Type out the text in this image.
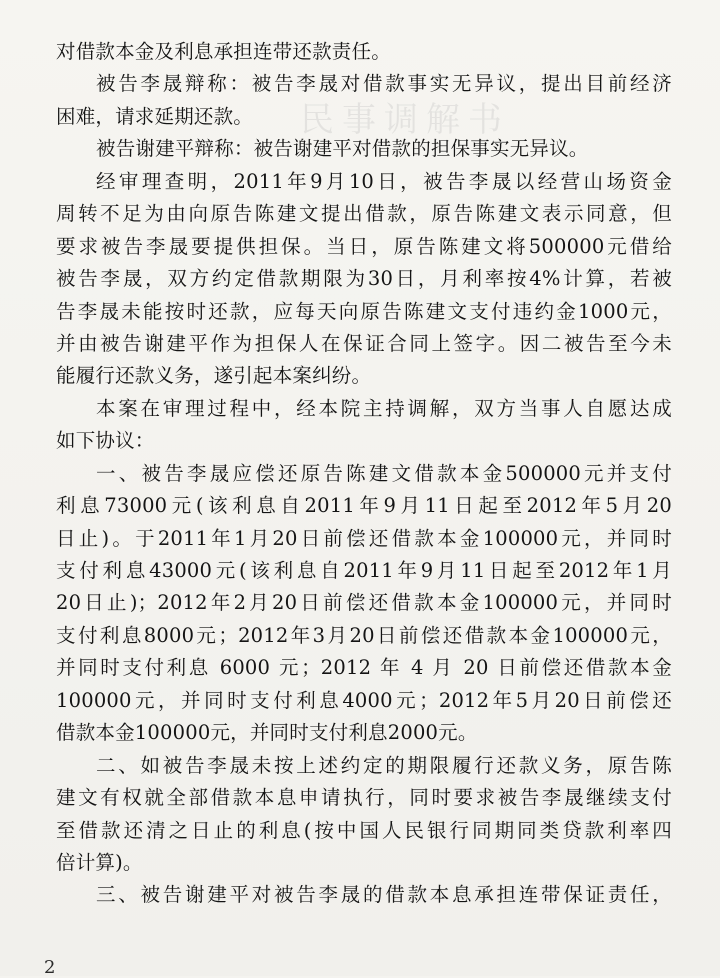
民事调解书
对借款本金及利息承担连带还款责任。
被告李晟辩称：被告李晟对借款事实无异议，提出目前经济
困难，请求延期还款。
被告谢建平辩称：被告谢建平对借款的担保事实无异议。
经审理查明，2011年9月10日，被告李晟以经营山场资金
周转不足为由向原告陈建文提出借款，原告陈建文表示同意，但
要求被告李晟要提供担保。当日，原告陈建文将500000元借给
被告李晟，双方约定借款期限为30日，月利率按4%计算，若被
告李晟未能按时还款，应每天向原告陈建文支付违约金1000元，
并由被告谢建平作为担保人在保证合同上签字。因二被告至今未
能履行还款义务，遂引起本案纠纷。
本案在审理过程中，经本院主持调解，双方当事人自愿达成
如下协议：
一、被告李晟应偿还原告陈建文借款本金500000元并支付
利息73000元(该利息自2011年9月11日起至2012年5月20
日止)。于2011年1月20日前偿还借款本金100000元，并同时
支付利息43000元(该利息自2011年9月11日起至2012年1月
20日止)；2012年2月20日前偿还借款本金100000元，并同时
支付利息8000元；2012年3月20日前偿还借款本金100000元，
并同时支付利息 6000 元；2012 年 4 月 20 日前偿还借款本金
100000元，并同时支付利息4000元；2012年5月20日前偿还
借款本金100000元，并同时支付利息2000元。
二、如被告李晟未按上述约定的期限履行还款义务，原告陈
建文有权就全部借款本息申请执行，同时要求被告李晟继续支付
至借款还清之日止的利息(按中国人民银行同期同类贷款利率四
倍计算)。
三、被告谢建平对被告李晟的借款本息承担连带保证责任，
2
